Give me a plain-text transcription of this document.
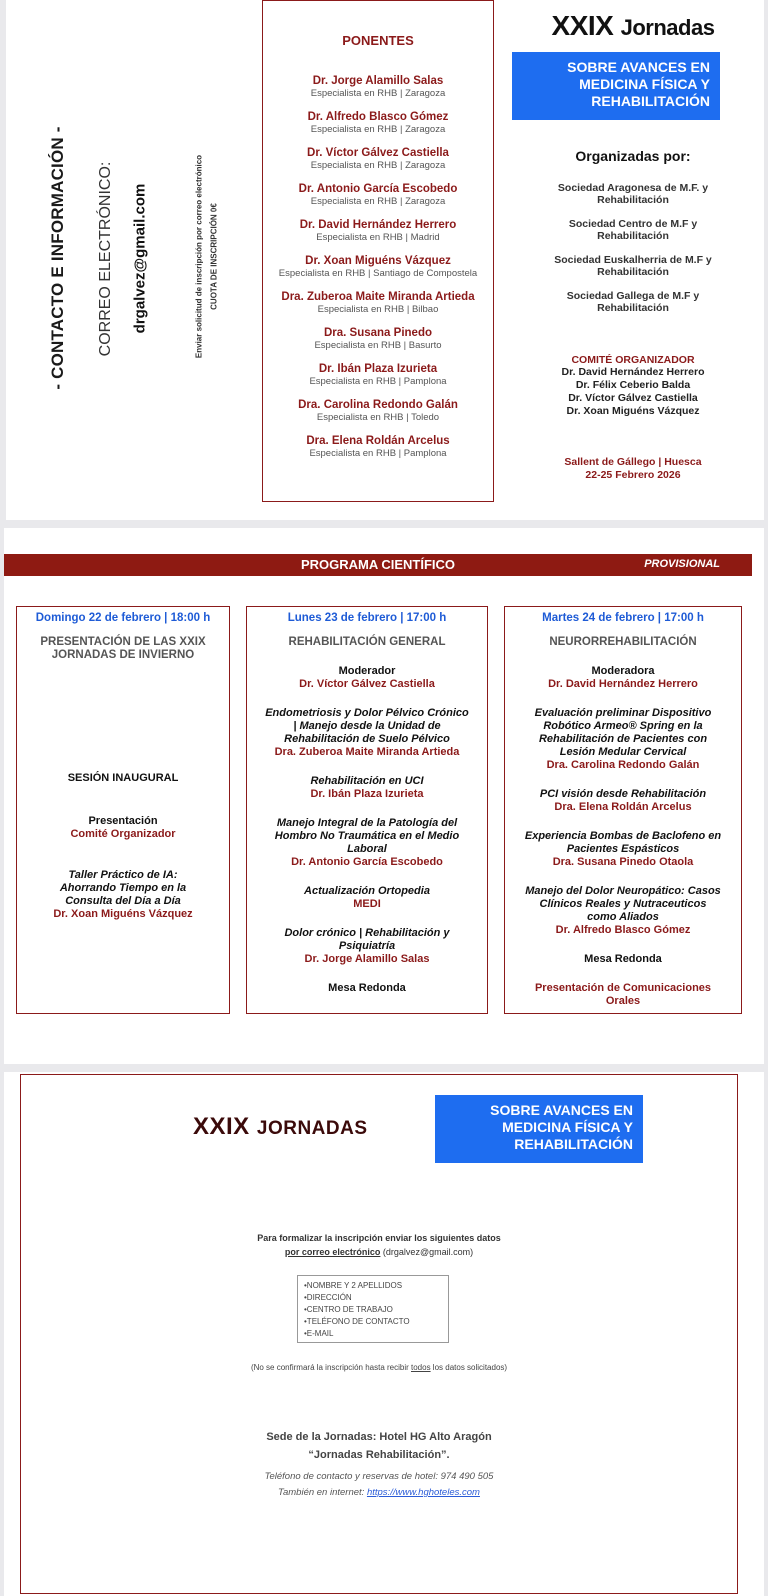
- CONTACTO E INFORMACIÓN - CORREO ELECTRÓNICO: drgalvez@gmail.com	Enviar solicitud de inscripción por correo electrónico CUOTA DE INSCRIPCIÓN 0€
PONENTES
Dr. Jorge Alamillo Salas
Especialista en RHB | Zaragoza
Dr. Alfredo Blasco Gómez
Especialista en RHB | Zaragoza
Dr. Víctor Gálvez Castiella
Especialista en RHB | Zaragoza
Dr. Antonio García Escobedo
Especialista en RHB | Zaragoza
Dr. David Hernández Herrero
Especialista en RHB | Madrid
Dr. Xoan Miguéns Vázquez
Especialista en RHB | Santiago de Compostela
Dra. Zuberoa Maite Miranda Artieda
Especialista en RHB | Bilbao
Dra. Susana Pinedo
Especialista en RHB | Basurto
Dr. Ibán Plaza Izurieta
Especialista en RHB | Pamplona
Dra. Carolina Redondo Galán
Especialista en RHB | Toledo
Dra. Elena Roldán Arcelus
Especialista en RHB | Pamplona
XXIX Jornadas
SOBRE AVANCES EN
MEDICINA FÍSICA Y
REHABILITACIÓN
Organizadas por:
Sociedad Aragonesa de M.F. y
Rehabilitación
Sociedad Centro de M.F y
Rehabilitación
Sociedad Euskalherria de M.F y
Rehabilitación
Sociedad Gallega de M.F y
Rehabilitación
COMITÉ ORGANIZADOR
Dr. David Hernández Herrero
Dr. Félix Ceberio Balda
Dr. Víctor Gálvez Castiella
Dr. Xoan Miguéns Vázquez
Sallent de Gállego | Huesca
22-25 Febrero 2026
PROGRAMA CIENTÍFICO	PROVISIONAL
Domingo 22 de febrero | 18:00 h
PRESENTACIÓN DE LAS XXIX
JORNADAS DE INVIERNO
SESIÓN INAUGURAL
Presentación
Comité Organizador
Taller Práctico de IA:
Ahorrando Tiempo en la
Consulta del Día a Día
Dr. Xoan Miguéns Vázquez
Lunes 23 de febrero | 17:00 h
REHABILITACIÓN GENERAL
Moderador
Dr. Víctor Gálvez Castiella
Endometriosis y Dolor Pélvico Crónico
| Manejo desde la Unidad de
Rehabilitación de Suelo Pélvico
Dra. Zuberoa Maite Miranda Artieda
Rehabilitación en UCI
Dr. Ibán Plaza Izurieta
Manejo Integral de la Patología del
Hombro No Traumática en el Medio
Laboral
Dr. Antonio García Escobedo
Actualización Ortopedia
MEDI
Dolor crónico | Rehabilitación y
Psiquiatría
Dr. Jorge Alamillo Salas
Mesa Redonda
Martes 24 de febrero | 17:00 h
NEURORREHABILITACIÓN
Moderadora
Dr. David Hernández Herrero
Evaluación preliminar Dispositivo
Robótico Armeo® Spring en la
Rehabilitación de Pacientes con
Lesión Medular Cervical
Dra. Carolina Redondo Galán
PCI visión desde Rehabilitación
Dra. Elena Roldán Arcelus
Experiencia Bombas de Baclofeno en
Pacientes Espásticos
Dra. Susana Pinedo Otaola
Manejo del Dolor Neuropático: Casos
Clínicos Reales y Nutraceuticos
como Aliados
Dr. Alfredo Blasco Gómez
Mesa Redonda
Presentación de Comunicaciones
Orales
XXIX JORNADAS
SOBRE AVANCES EN
MEDICINA FÍSICA Y
REHABILITACIÓN
Para formalizar la inscripción enviar los siguientes datos
por correo electrónico (drgalvez@gmail.com)
•NOMBRE Y 2 APELLIDOS
•DIRECCIÓN
•CENTRO DE TRABAJO
•TELÉFONO DE CONTACTO
•E-MAIL
(No se confirmará la inscripción hasta recibir todos los datos solicitados)
Sede de la Jornadas: Hotel HG Alto Aragón
“Jornadas Rehabilitación”.
Teléfono de contacto y reservas de hotel: 974 490 505
También en internet: https://www.hghoteles.com
